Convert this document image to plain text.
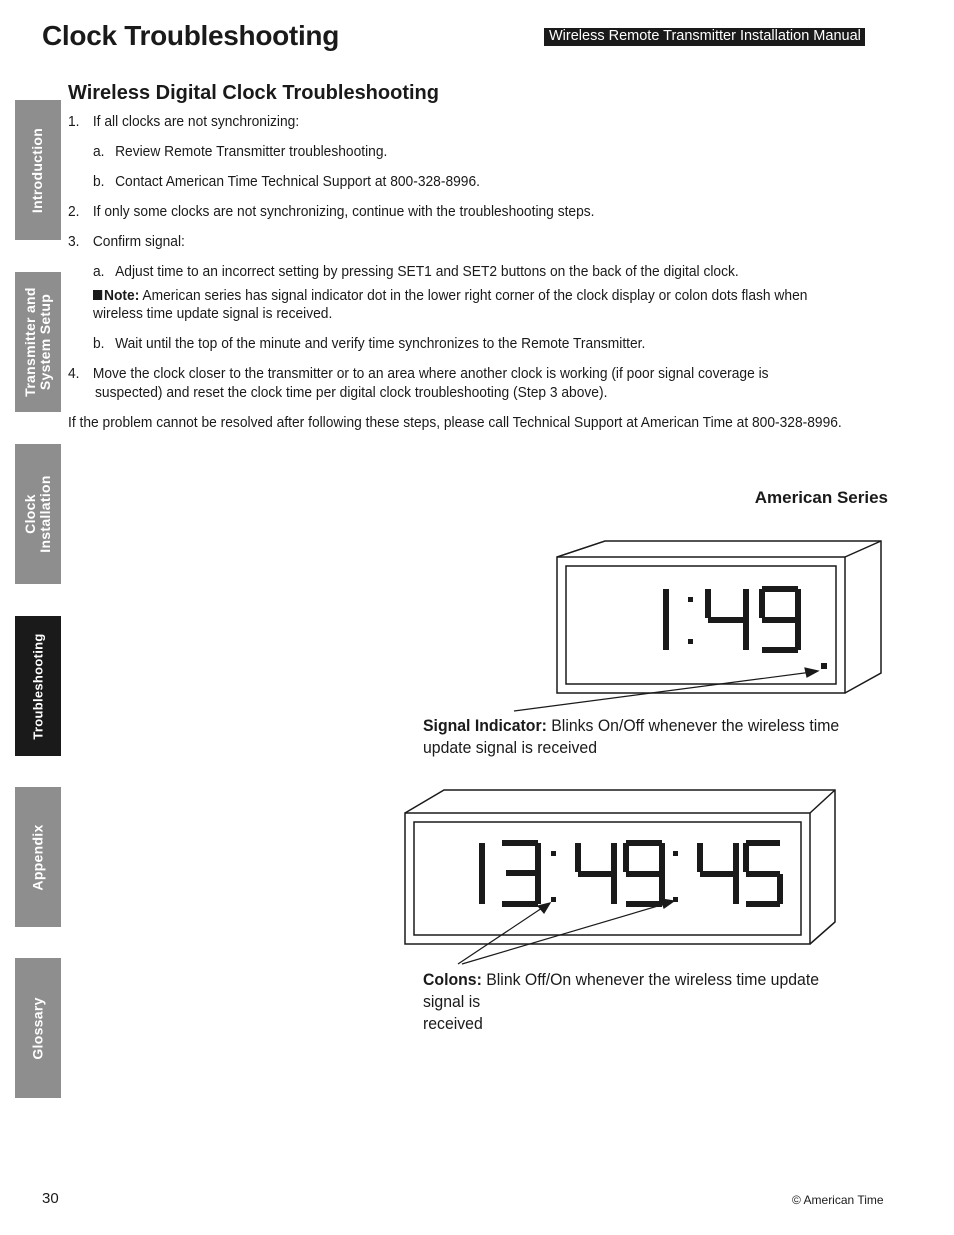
Clock Troubleshooting	Wireless Remote Transmitter Installation Manual
Introduction
Transmitter and
System Setup
Clock
Installation
Troubleshooting
Appendix
Glossary
Wireless Digital Clock Troubleshooting
1. If all clocks are not synchronizing:
a. Review Remote Transmitter troubleshooting.
b. Contact American Time Technical Support at 800-328-8996.
2. If only some clocks are not synchronizing, continue with the troubleshooting steps.
3. Confirm signal:
a. Adjust time to an incorrect setting by pressing SET1 and SET2 buttons on the back of the digital clock.
Note: American series has signal indicator dot in the lower right corner of the clock display or colon dots flash when
wireless time update signal is received.
b. Wait until the top of the minute and verify time synchronizes to the Remote Transmitter.
4. Move the clock closer to the transmitter or to an area where another clock is working (if poor signal coverage is
suspected) and reset the clock time per digital clock troubleshooting (Step 3 above).
If the problem cannot be resolved after following these steps, please call Technical Support at American Time at 800-328-8996.
American Series
Signal Indicator: Blinks On/Off whenever the wireless time
update signal is received
Colons: Blink Off/On whenever the wireless time update signal is
received
30	© American Time
